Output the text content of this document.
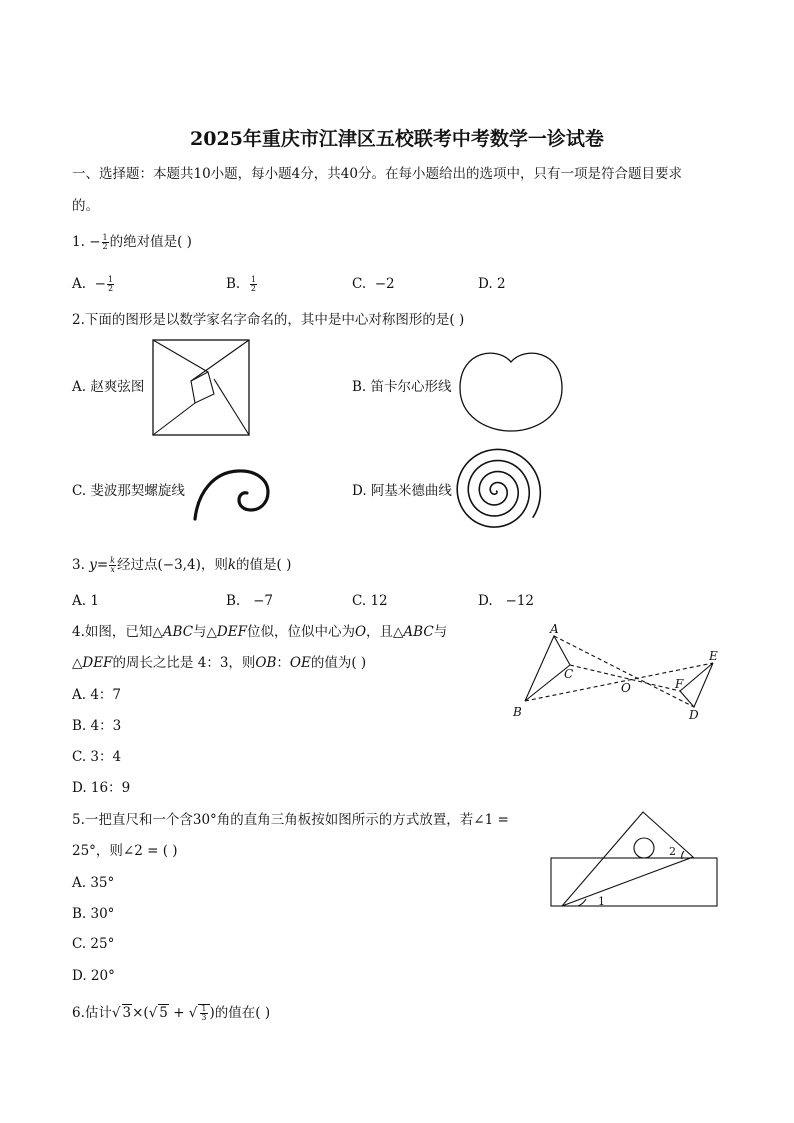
2025年重庆市江津区五校联考中考数学一诊试卷
一、选择题：本题共10小题，每小题4分，共40分。在每小题给出的选项中，只有一项是符合题目要求
的。
1. − $\frac{1}{2}$ 的绝对值是( )
A. − $\frac{1}{2}$	B. $\frac{1}{2}$	C. −2	D. 2
2.下面的图形是以数学家名字命名的，其中是中心对称图形的是( )
A. 赵爽弦图	B. 笛卡尔心形线
C. 斐波那契螺旋线	D. 阿基米德曲线
3. $y= \frac{k}{x}$ 经过点(−3,4)，则k的值是( )
A. 1	B. −7	C. 12	D. −12
4.如图，已知△ABC与△DEF位似，位似中心为O，且△ABC与
△DEF的周长之比是 4：3，则OB：OE的值为( )
A. 4：7
B. 4：3
C. 3：4
D. 16：9
A
B
C
O
D
E
F
5.一把直尺和一个含30°角的直角三角板按如图所示的方式放置，若∠1 =
25°，则∠2 = ( )
A. 35°
B. 30°
C. 25°
D. 20°
1
2
6.估计√ 3×(√ 5 + √ $\frac{1}{3}$ )的值在( )
